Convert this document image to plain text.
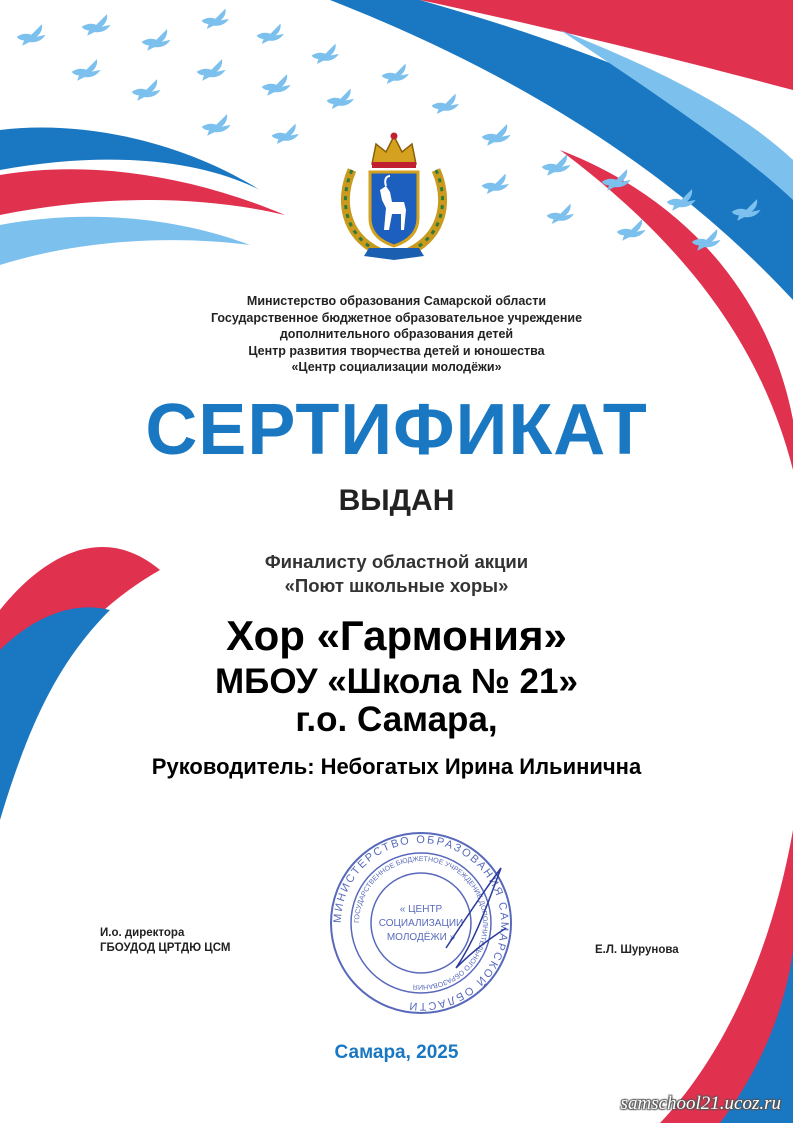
Министерство образования Самарской области
Государственное бюджетное образовательное учреждение
дополнительного образования детей
Центр развития творчества детей и юношества
«Центр социализации молодёжи»
СЕРТИФИКАТ
ВЫДАН
Финалисту областной акции
«Поют школьные хоры»
Хор «Гармония»
МБОУ «Школа № 21»
г.о. Самара,
Руководитель: Небогатых Ирина Ильинична
И.о. директора
ГБОУДОД ЦРТДЮ ЦСМ	Е.Л. Шурунова
МИНИСТЕРСТВО ОБРАЗОВАНИЯ САМАРСКОЙ ОБЛАСТИ
ГОСУДАРСТВЕННОЕ БЮДЖЕТНОЕ УЧРЕЖДЕНИЕ ДОПОЛНИТЕЛЬНОГО ОБРАЗОВАНИЯ
« ЦЕНТР
СОЦИАЛИЗАЦИИ
МОЛОДЁЖИ »
Самара, 2025
samschool21.ucoz.ru
